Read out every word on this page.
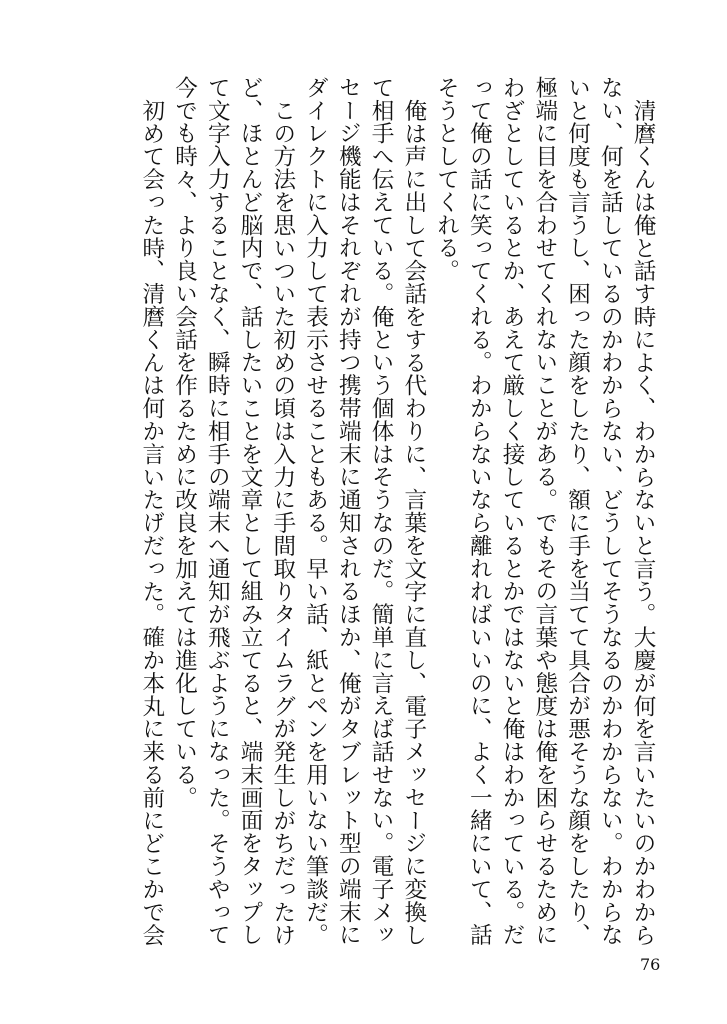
清麿くんは俺と話す時によく、わからないと言う。大慶が何を言いたいのかわから
ない、何を話しているのかわからない、どうしてそうなるのかわからない。わからな
いと何度も言うし、困った顔をしたり、額に手を当てて具合が悪そうな顔をしたり、
極端に目を合わせてくれないことがある。でもその言葉や態度は俺を困らせるために
わざとしているとか、あえて厳しく接しているとかではないと俺はわかっている。だ
って俺の話に笑ってくれる。わからないなら離れればいいのに、よく一緒にいて、話
そうとしてくれる。

俺は声に出して会話をする代わりに、言葉を文字に直し、電子メッセージに変換し
て相手へ伝えている。俺という個体はそうなのだ。簡単に言えば話せない。電子メッ
セージ機能はそれぞれが持つ携帯端末に通知されるほか、俺がタブレット型の端末に
ダイレクトに入力して表示させることもある。早い話、紙とペンを用いない筆談だ。

この方法を思いついた初めの頃は入力に手間取りタイムラグが発生しがちだったけ
ど、ほとんど脳内で、話したいことを文章として組み立てると、端末画面をタップし
て文字入力することなく、瞬時に相手の端末へ通知が飛ぶようになった。そうやって
今でも時々、より良い会話を作るために改良を加えては進化している。

初めて会った時、清麿くんは何か言いたげだった。確か本丸に来る前にどこかで会

76
